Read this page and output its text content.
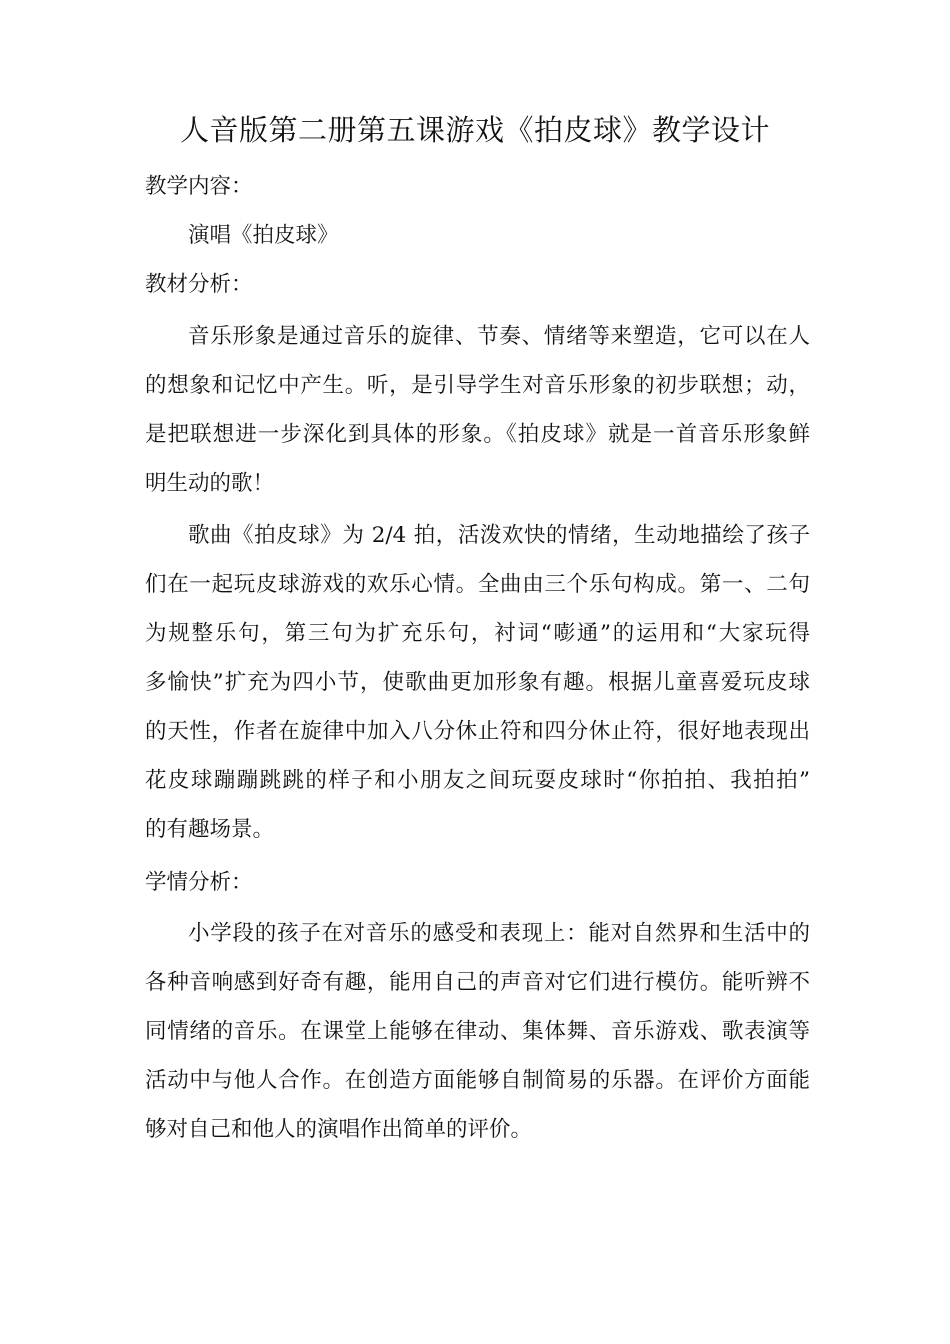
人音版第二册第五课游戏《拍皮球》教学设计
教学内容：
演唱《拍皮球》
教材分析：
音乐形象是通过音乐的旋律、节奏、情绪等来塑造，它可以在人
的想象和记忆中产生。听，是引导学生对音乐形象的初步联想；动，
是把联想进一步深化到具体的形象。《拍皮球》就是一首音乐形象鲜
明生动的歌！
歌曲《拍皮球》为 2/4 拍，活泼欢快的情绪，生动地描绘了孩子
们在一起玩皮球游戏的欢乐心情。全曲由三个乐句构成。第一、二句
为规整乐句，第三句为扩充乐句，衬词“嘭通”的运用和“大家玩得
多愉快”扩充为四小节，使歌曲更加形象有趣。根据儿童喜爱玩皮球
的天性，作者在旋律中加入八分休止符和四分休止符，很好地表现出
花皮球蹦蹦跳跳的样子和小朋友之间玩耍皮球时“你拍拍、我拍拍”
的有趣场景。
学情分析：
小学段的孩子在对音乐的感受和表现上：能对自然界和生活中的
各种音响感到好奇有趣，能用自己的声音对它们进行模仿。能听辨不
同情绪的音乐。在课堂上能够在律动、集体舞、音乐游戏、歌表演等
活动中与他人合作。在创造方面能够自制简易的乐器。在评价方面能
够对自己和他人的演唱作出简单的评价。
